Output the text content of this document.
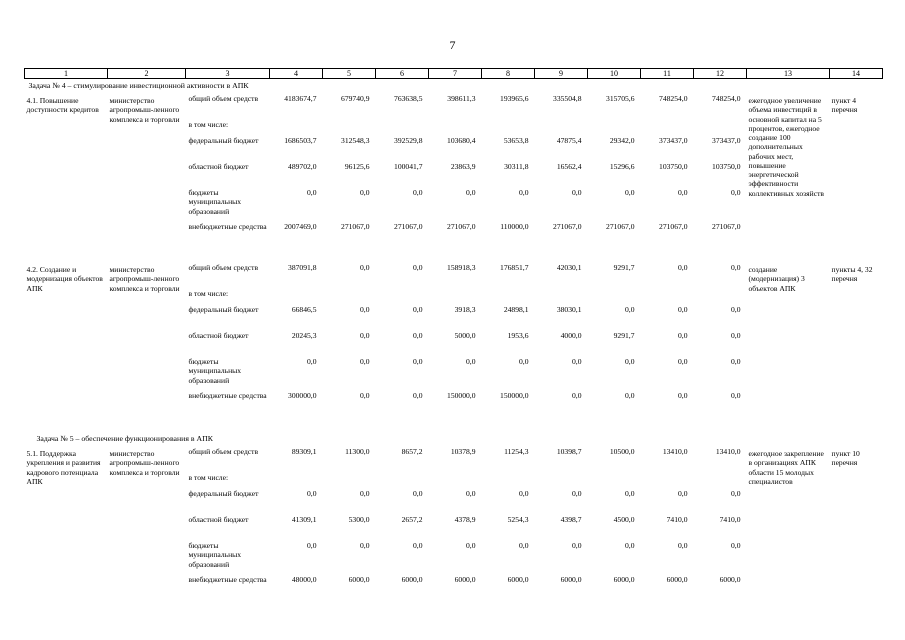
7
1	2	3	4	5	6	7	8	9	10	11	12	13	14
Задача № 4 – стимулирование инвестиционной активности в АПК													
4.1. Повышение доступности кредитов	министерство агропромыш-ленного комплекса и торговли	общий объем средств	4183674,7	679740,9	763638,5	398611,3	193965,6	335504,8	315705,6	748254,0	748254,0	ежегодное увеличение объема инвестиций в основной капитал на 5 процентов, ежегодное создание 100 дополнительных рабочих мест, повышение энергетической эффективности коллективных хозяйств	пункт 4 перечня
		в том числе:											
		федеральный бюджет	1686503,7	312548,3	392529,8	103680,4	53653,8	47875,4	29342,0	373437,0	373437,0		
		областной бюджет	489702,0	96125,6	100041,7	23863,9	30311,8	16562,4	15296,6	103750,0	103750,0		
		бюджеты муниципальных образований	0,0	0,0	0,0	0,0	0,0	0,0	0,0	0,0	0,0		
		внебюджетные средства	2007469,0	271067,0	271067,0	271067,0	110000,0	271067,0	271067,0	271067,0	271067,0		

4.2. Создание и модернизация объектов АПК	министерство агропромыш-ленного комплекса и торговли	общий объем средств	387091,8	0,0	0,0	158918,3	176851,7	42030,1	9291,7	0,0	0,0	создание (модернизация) 3 объектов АПК	пункты 4, 32 перечня
		в том числе:											
		федеральный бюджет	66846,5	0,0	0,0	3918,3	24898,1	38030,1	0,0	0,0	0,0		
		областной бюджет	20245,3	0,0	0,0	5000,0	1953,6	4000,0	9291,7	0,0	0,0		
		бюджеты муниципальных образований	0,0	0,0	0,0	0,0	0,0	0,0	0,0	0,0	0,0		
		внебюджетные средства	300000,0	0,0	0,0	150000,0	150000,0	0,0	0,0	0,0	0,0		

Задача № 5 – обеспечение функционирования в АПК													
5.1. Поддержка укрепления и развития кадрового потенциала АПК	министерство агропромыш-ленного комплекса и торговли	общий объем средств	89309,1	11300,0	8657,2	10378,9	11254,3	10398,7	10500,0	13410,0	13410,0	ежегодное закрепление в организациях АПК области 15 молодых специалистов	пункт 10 перечня
		в том числе:											
		федеральный бюджет	0,0	0,0	0,0	0,0	0,0	0,0	0,0	0,0	0,0		
		областной бюджет	41309,1	5300,0	2657,2	4378,9	5254,3	4398,7	4500,0	7410,0	7410,0		
		бюджеты муниципальных образований	0,0	0,0	0,0	0,0	0,0	0,0	0,0	0,0	0,0		
		внебюджетные средства	48000,0	6000,0	6000,0	6000,0	6000,0	6000,0	6000,0	6000,0	6000,0		
